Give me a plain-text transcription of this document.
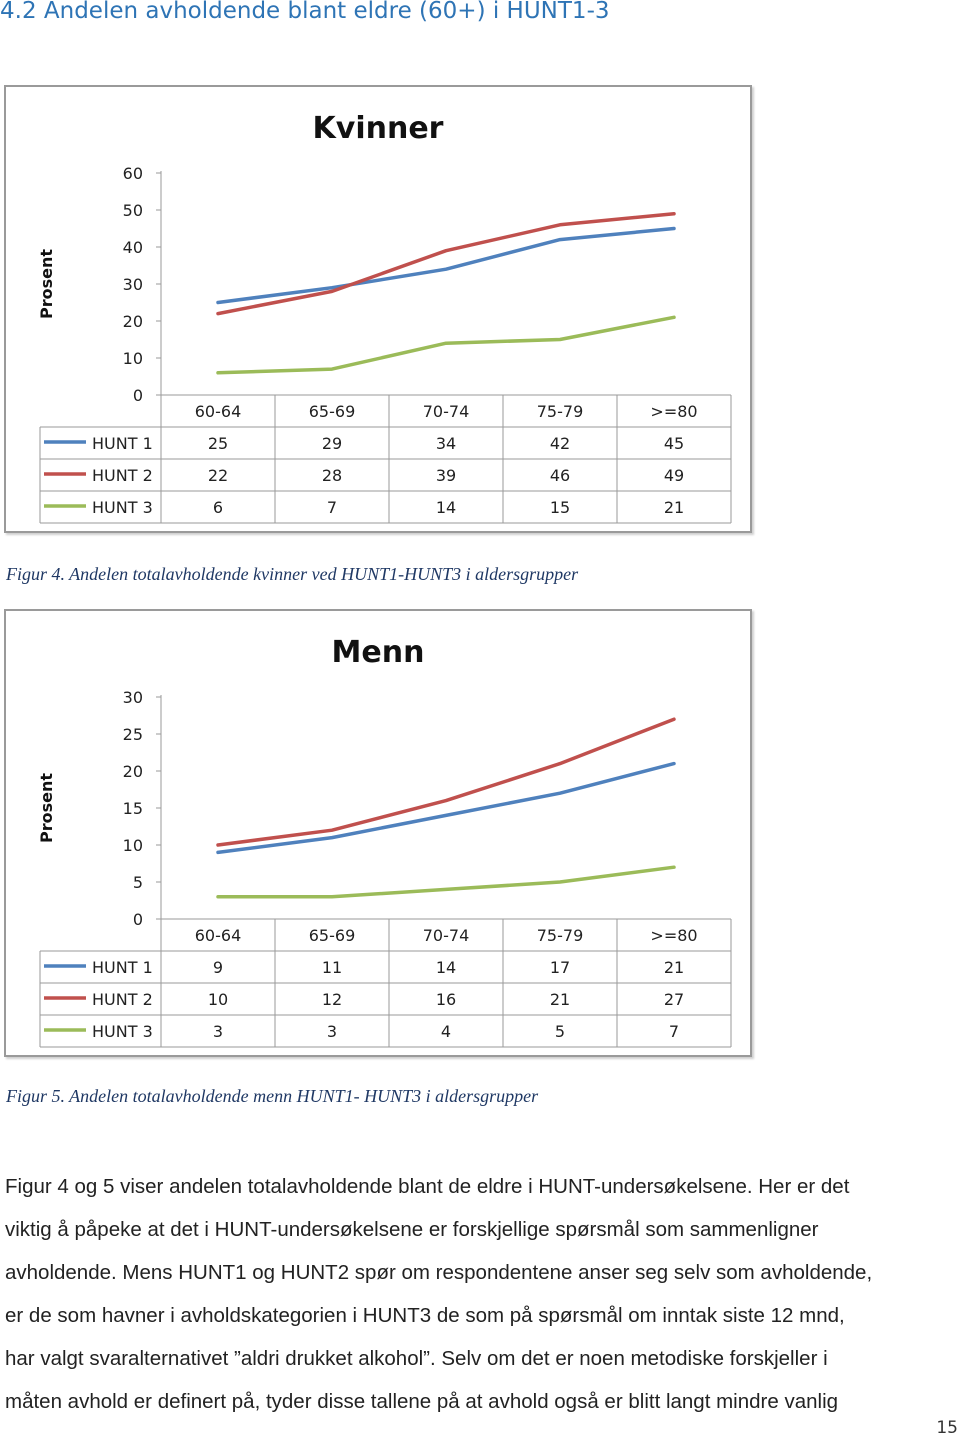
4.2 Andelen avholdende blant eldre (60+) i HUNT1-3
Kvinner
Prosent
60
50
40
30
20
10
0
60-64	65-69	70-74	75-79	>=80
HUNT 1	25	29	34	42	45
HUNT 2	22	28	39	46	49
HUNT 3	6	7	14	15	21

Figur 4. Andelen totalavholdende kvinner ved HUNT1-HUNT3 i aldersgrupper

Menn
Prosent
30
25
20
15
10
5
0
60-64	65-69	70-74	75-79	>=80
HUNT 1	9	11	14	17	21
HUNT 2	10	12	16	21	27
HUNT 3	3	3	4	5	7

Figur 5. Andelen totalavholdende menn HUNT1- HUNT3 i aldersgrupper

Figur 4 og 5 viser andelen totalavholdende blant de eldre i HUNT-undersøkelsene. Her er det
viktig å påpeke at det i HUNT-undersøkelsene er forskjellige spørsmål som sammenligner
avholdende. Mens HUNT1 og HUNT2 spør om respondentene anser seg selv som avholdende,
er de som havner i avholdskategorien i HUNT3 de som på spørsmål om inntak siste 12 mnd,
har valgt svaralternativet ”aldri drukket alkohol”. Selv om det er noen metodiske forskjeller i
måten avhold er definert på, tyder disse tallene på at avhold også er blitt langt mindre vanlig

15
